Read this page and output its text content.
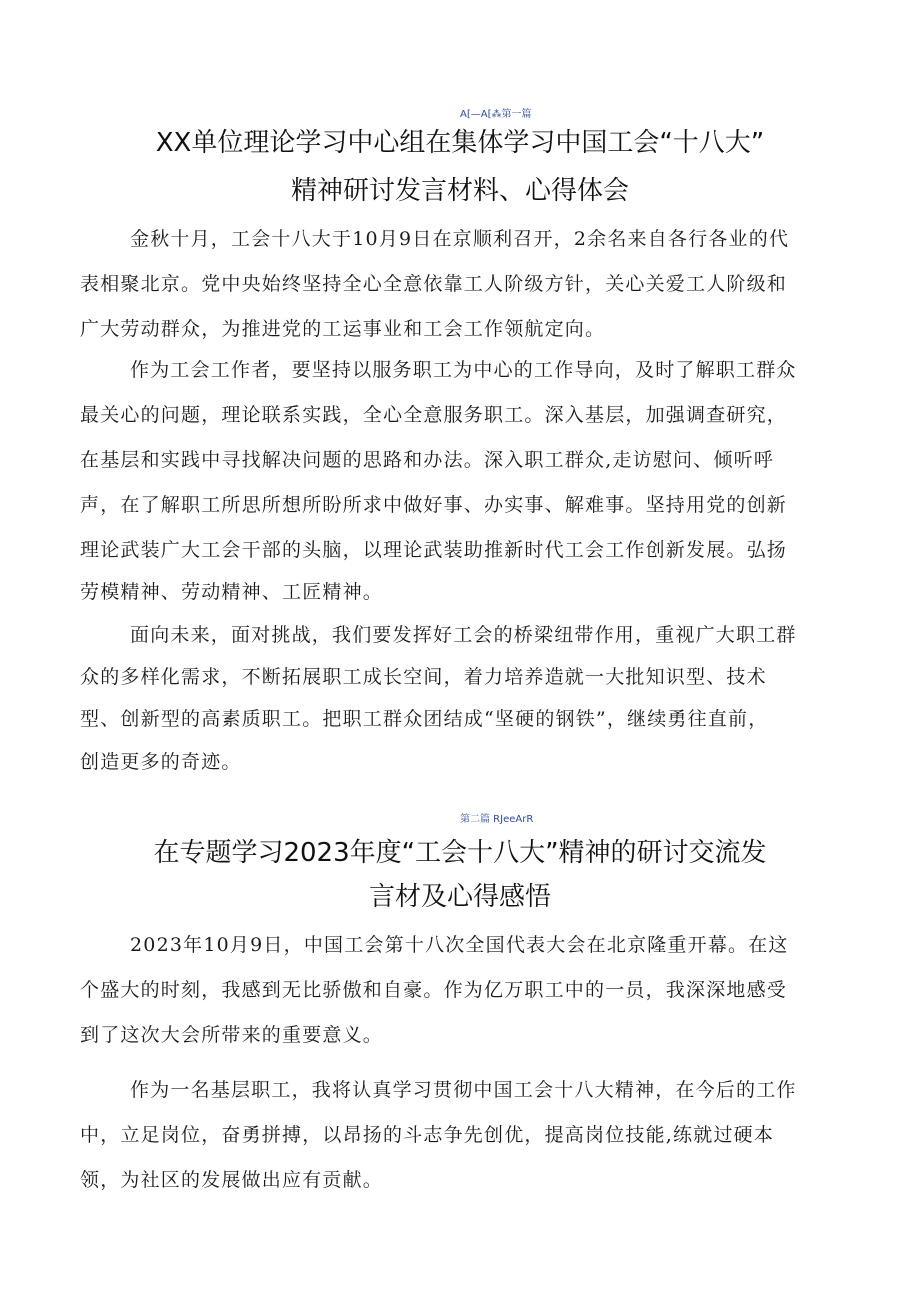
A⁅—A⁅⁂第一篇
XX单位理论学习中心组在集体学习中国工会“十八大”
精神研讨发言材料、心得体会
金秋十月，工会十八大于10月9日在京顺利召开，2余名来自各行各业的代
表相聚北京。党中央始终坚持全心全意依靠工人阶级方针，关心关爱工人阶级和
广大劳动群众，为推进党的工运事业和工会工作领航定向。
作为工会工作者，要坚持以服务职工为中心的工作导向，及时了解职工群众
最关心的问题，理论联系实践，全心全意服务职工。深入基层，加强调查研究，
在基层和实践中寻找解决问题的思路和办法。深入职工群众,走访慰问、倾听呼
声，在了解职工所思所想所盼所求中做好事、办实事、解难事。坚持用党的创新
理论武装广大工会干部的头脑，以理论武装助推新时代工会工作创新发展。弘扬
劳模精神、劳动精神、工匠精神。
面向未来，面对挑战，我们要发挥好工会的桥梁纽带作用，重视广大职工群
众的多样化需求，不断拓展职工成长空间，着力培养造就一大批知识型、技术
型、创新型的高素质职工。把职工群众团结成“坚硬的钢铁”，继续勇往直前，
创造更多的奇迹。
第二篇 RJeeArR
在专题学习2023年度“工会十八大”精神的研讨交流发
言材及心得感悟
2023年10月9日，中国工会第十八次全国代表大会在北京隆重开幕。在这
个盛大的时刻，我感到无比骄傲和自豪。作为亿万职工中的一员，我深深地感受
到了这次大会所带来的重要意义。
作为一名基层职工，我将认真学习贯彻中国工会十八大精神，在今后的工作
中，立足岗位，奋勇拼搏，以昂扬的斗志争先创优，提高岗位技能,练就过硬本
领，为社区的发展做出应有贡献。
